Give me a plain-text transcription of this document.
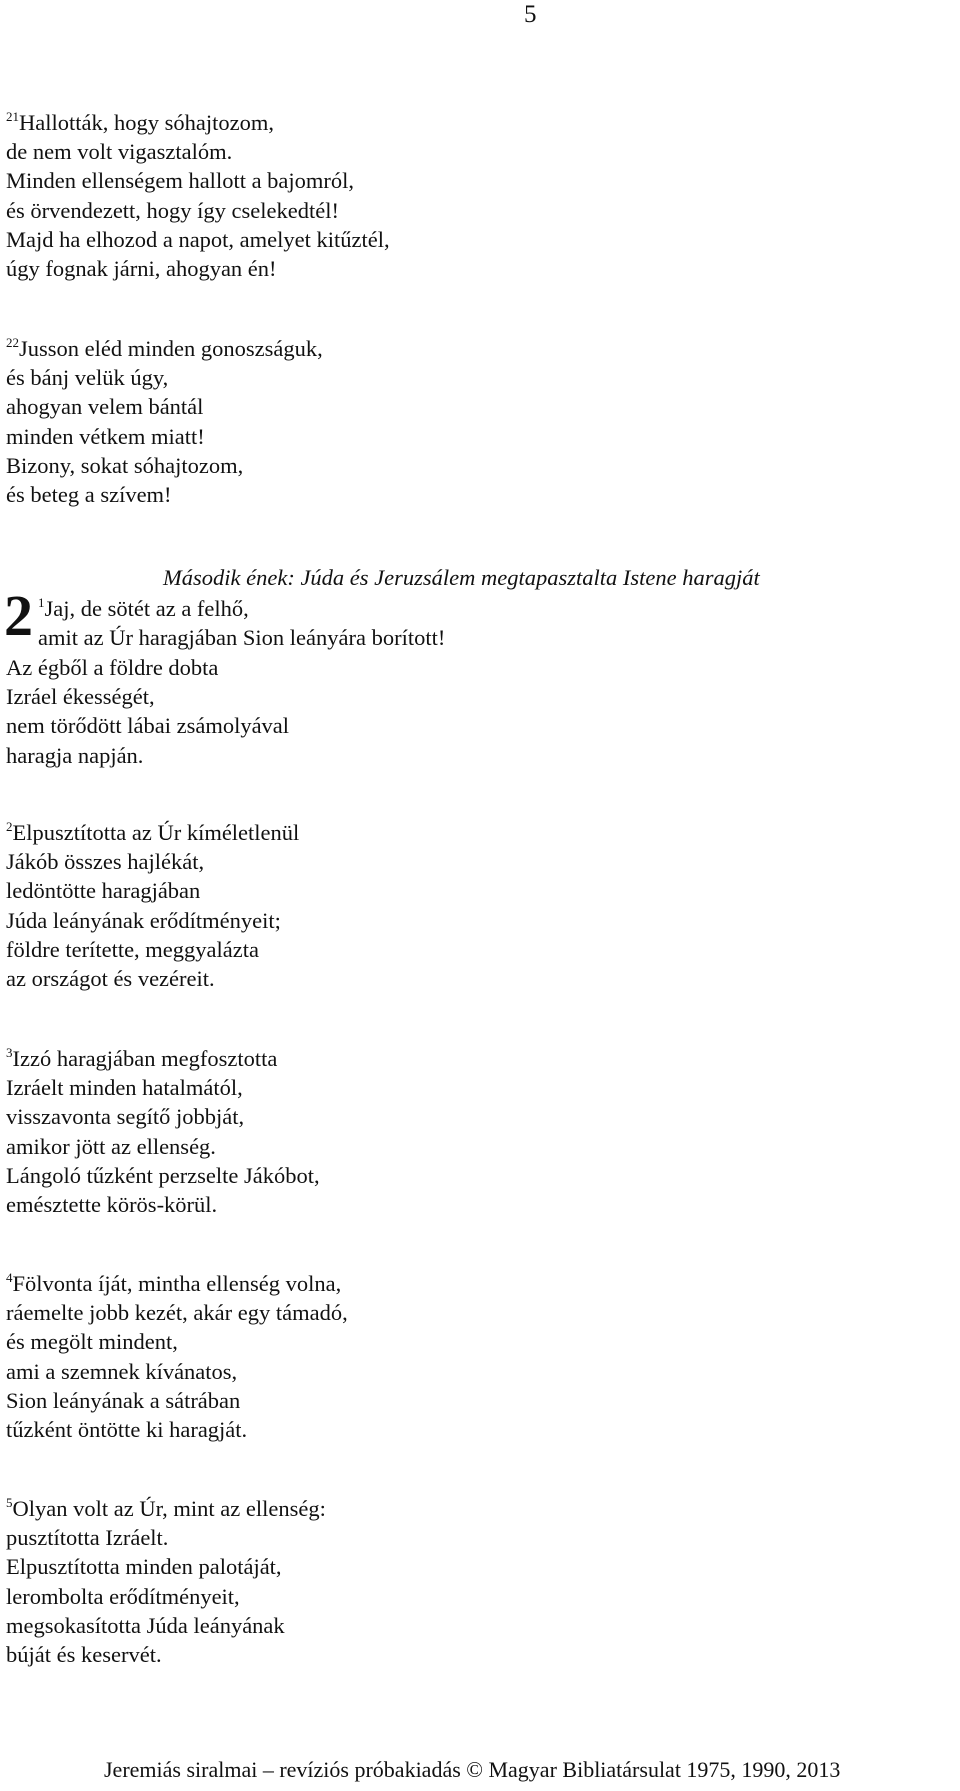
5

$^{21}$Hallották, hogy sóhajtozom,
de nem volt vigasztalóm.
Minden ellenségem hallott a bajomról,
és örvendezett, hogy így cselekedtél!
Majd ha elhozod a napot, amelyet kitűztél,
úgy fognak járni, ahogyan én!

$^{22}$Jusson eléd minden gonoszságuk,
és bánj velük úgy,
ahogyan velem bántál
minden vétkem miatt!
Bizony, sokat sóhajtozom,
és beteg a szívem!

Második ének: Júda és Jeruzsálem megtapasztalta Istene haragját
2 $^1$Jaj, de sötét az a felhő,
amit az Úr haragjában Sion leányára borított!

Az égből a földre dobta
Izráel ékességét,
nem törődött lábai zsámolyával
haragja napján.

$^2$Elpusztította az Úr kíméletlenül
Jákób összes hajlékát,
ledöntötte haragjában
Júda leányának erődítményeit;
földre terítette, meggyalázta
az országot és vezéreit.

$^3$Izzó haragjában megfosztotta
Izráelt minden hatalmától,
visszavonta segítő jobbját,
amikor jött az ellenség.
Lángoló tűzként perzselte Jákóbot,
emésztette körös-körül.

$^4$Fölvonta íját, mintha ellenség volna,
ráemelte jobb kezét, akár egy támadó,
és megölt mindent,
ami a szemnek kívánatos,
Sion leányának a sátrában
tűzként öntötte ki haragját.

$^5$Olyan volt az Úr, mint az ellenség:
pusztította Izráelt.
Elpusztította minden palotáját,
lerombolta erődítményeit,
megsokasította Júda leányának
búját és keservét.

Jeremiás siralmai – revíziós próbakiadás © Magyar Bibliatársulat 1975, 1990, 2013
